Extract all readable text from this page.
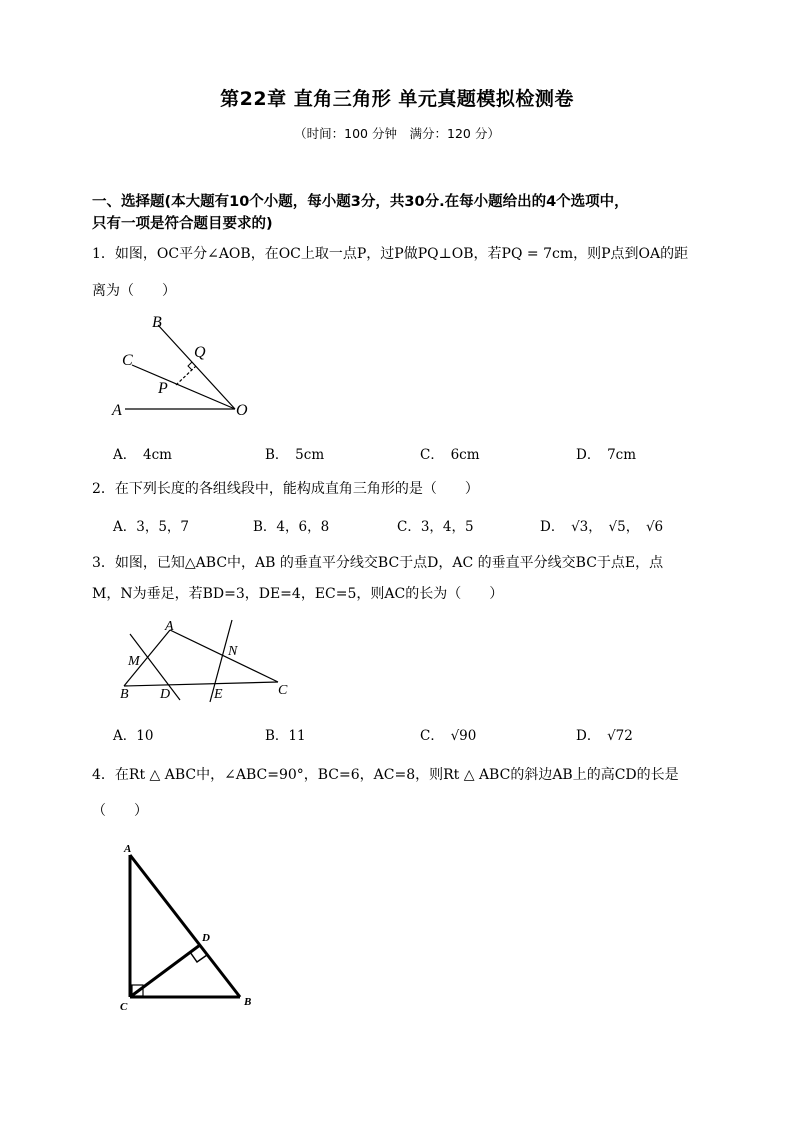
第22章 直角三角形 单元真题模拟检测卷
（时间：100 分钟　满分：120 分）
一、选择题(本大题有10个小题，每小题3分，共30分.在每小题给出的4个选项中，
只有一项是符合题目要求的)
1．如图，OC平分∠AOB，在OC上取一点P，过P做PQ⊥OB，若PQ = 7cm，则P点到OA的距
离为（　　）
B
Q
C
P
A	O
A．　4cm	B．　5cm	C．　6cm	D．　7cm
2．在下列长度的各组线段中，能构成直角三角形的是（　　）
A．3，5，7	B．4，6，8	C．3，4，5	D．　√3，　√5，　√6
3．如图，已知△ABC中，AB 的垂直平分线交BC于点D，AC 的垂直平分线交BC于点E，点
M，N为垂足，若BD=3，DE=4，EC=5，则AC的长为（　　）
A
M
N
B D	E	C
A．10	B．11	C．　√90	D．　√72
4．在Rt △ ABC中，∠ABC=90°，BC=6，AC=8，则Rt △ ABC的斜边AB上的高CD的长是
（　　）
A
D
C	B
